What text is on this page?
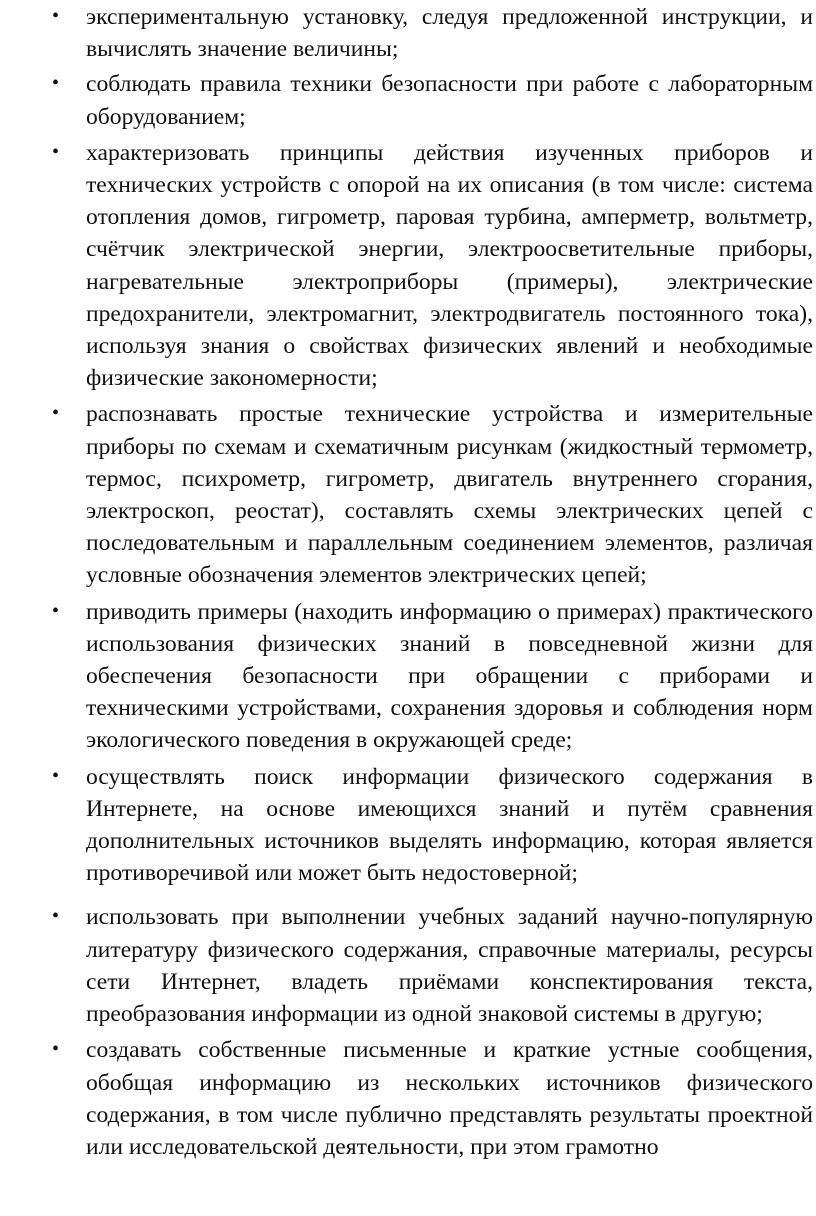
• экспериментальную установку, следуя предложенной инструкции, и вычислять значение величины;

• соблюдать правила техники безопасности при работе с лабораторным оборудованием;

• характеризовать принципы действия изученных приборов и технических устройств с опорой на их описания (в том числе: система отопления домов, гигрометр, паровая турбина, амперметр, вольтметр, счётчик электрической энергии, электроосветительные приборы, нагревательные электроприборы (примеры), электрические предохранители, электромагнит, электродвигатель постоянного тока), используя знания о свойствах физических явлений и необходимые физические закономерности;

• распознавать простые технические устройства и измерительные приборы по схемам и схематичным рисункам (жидкостный термометр, термос, психрометр, гигрометр, двигатель внутреннего сгорания, электроскоп, реостат), составлять схемы электрических цепей с последовательным и параллельным соединением элементов, различая условные обозначения элементов электрических цепей;

• приводить примеры (находить информацию о примерах) практического использования физических знаний в повседневной жизни для обеспечения безопасности при обращении с приборами и техническими устройствами, сохранения здоровья и соблюдения норм экологического поведения в окружающей среде;

• осуществлять поиск информации физического содержания в Интернете, на основе имеющихся знаний и путём сравнения дополнительных источников выделять информацию, которая является противоречивой или может быть недостоверной;

• использовать при выполнении учебных заданий научно-популярную литературу физического содержания, справочные материалы, ресурсы сети Интернет, владеть приёмами конспектирования текста, преобразования информации из одной знаковой системы в другую;

• создавать собственные письменные и краткие устные сообщения, обобщая информацию из нескольких источников физического содержания, в том числе публично представлять результаты проектной или исследовательской деятельности, при этом грамотно
